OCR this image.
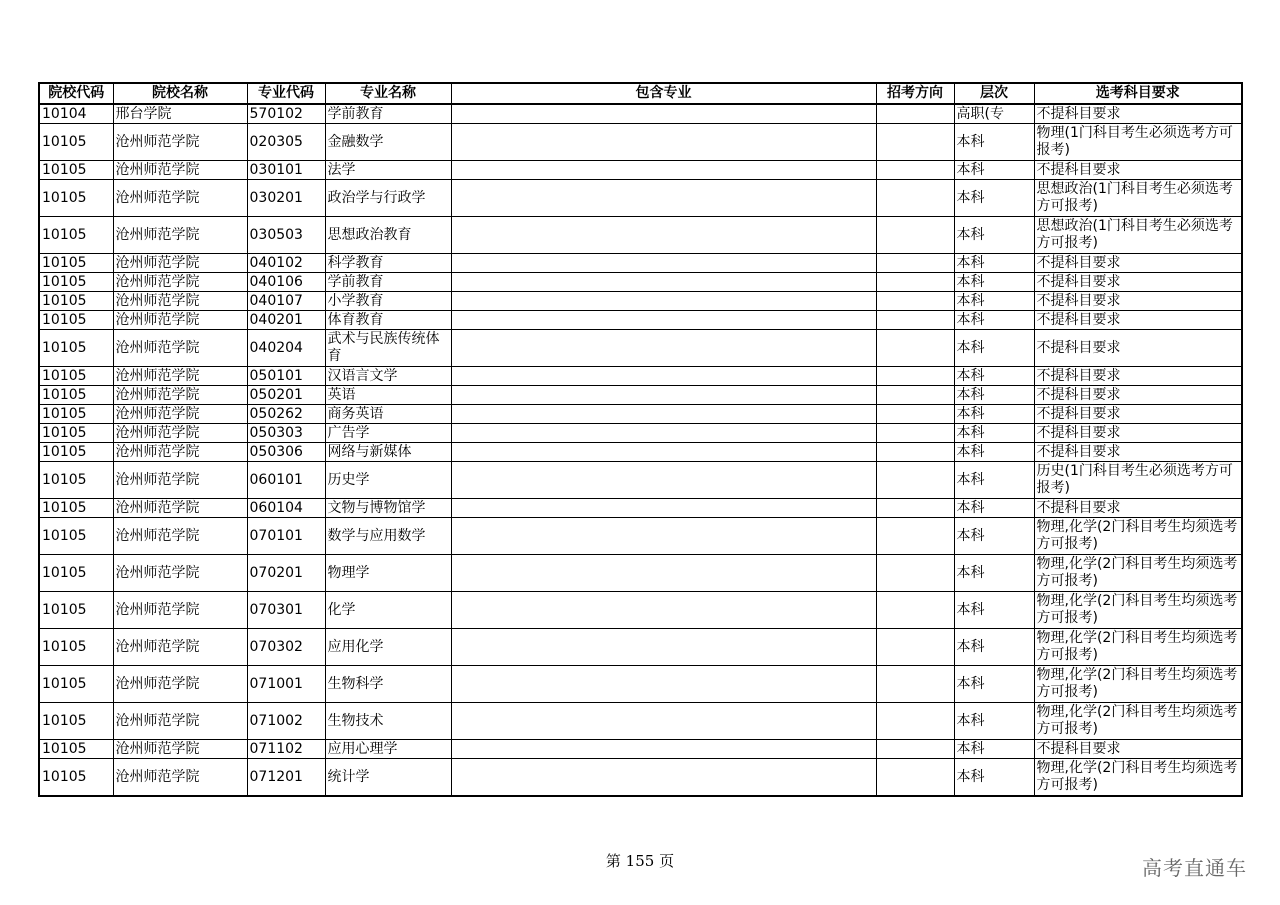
院校代码	院校名称	专业代码	专业名称	包含专业	招考方向	层次	选考科目要求
10104	邢台学院	570102	学前教育			高职(专	不提科目要求
10105	沧州师范学院	020305	金融数学			本科	物理(1门科目考生必须选考方可报考)
10105	沧州师范学院	030101	法学			本科	不提科目要求
10105	沧州师范学院	030201	政治学与行政学			本科	思想政治(1门科目考生必须选考方可报考)
10105	沧州师范学院	030503	思想政治教育			本科	思想政治(1门科目考生必须选考方可报考)
10105	沧州师范学院	040102	科学教育			本科	不提科目要求
10105	沧州师范学院	040106	学前教育			本科	不提科目要求
10105	沧州师范学院	040107	小学教育			本科	不提科目要求
10105	沧州师范学院	040201	体育教育			本科	不提科目要求
10105	沧州师范学院	040204	武术与民族传统体育			本科	不提科目要求
10105	沧州师范学院	050101	汉语言文学			本科	不提科目要求
10105	沧州师范学院	050201	英语			本科	不提科目要求
10105	沧州师范学院	050262	商务英语			本科	不提科目要求
10105	沧州师范学院	050303	广告学			本科	不提科目要求
10105	沧州师范学院	050306	网络与新媒体			本科	不提科目要求
10105	沧州师范学院	060101	历史学			本科	历史(1门科目考生必须选考方可报考)
10105	沧州师范学院	060104	文物与博物馆学			本科	不提科目要求
10105	沧州师范学院	070101	数学与应用数学			本科	物理,化学(2门科目考生均须选考方可报考)
10105	沧州师范学院	070201	物理学			本科	物理,化学(2门科目考生均须选考方可报考)
10105	沧州师范学院	070301	化学			本科	物理,化学(2门科目考生均须选考方可报考)
10105	沧州师范学院	070302	应用化学			本科	物理,化学(2门科目考生均须选考方可报考)
10105	沧州师范学院	071001	生物科学			本科	物理,化学(2门科目考生均须选考方可报考)
10105	沧州师范学院	071002	生物技术			本科	物理,化学(2门科目考生均须选考方可报考)
10105	沧州师范学院	071102	应用心理学			本科	不提科目要求
10105	沧州师范学院	071201	统计学			本科	物理,化学(2门科目考生均须选考方可报考)
第 155 页	高考直通车
